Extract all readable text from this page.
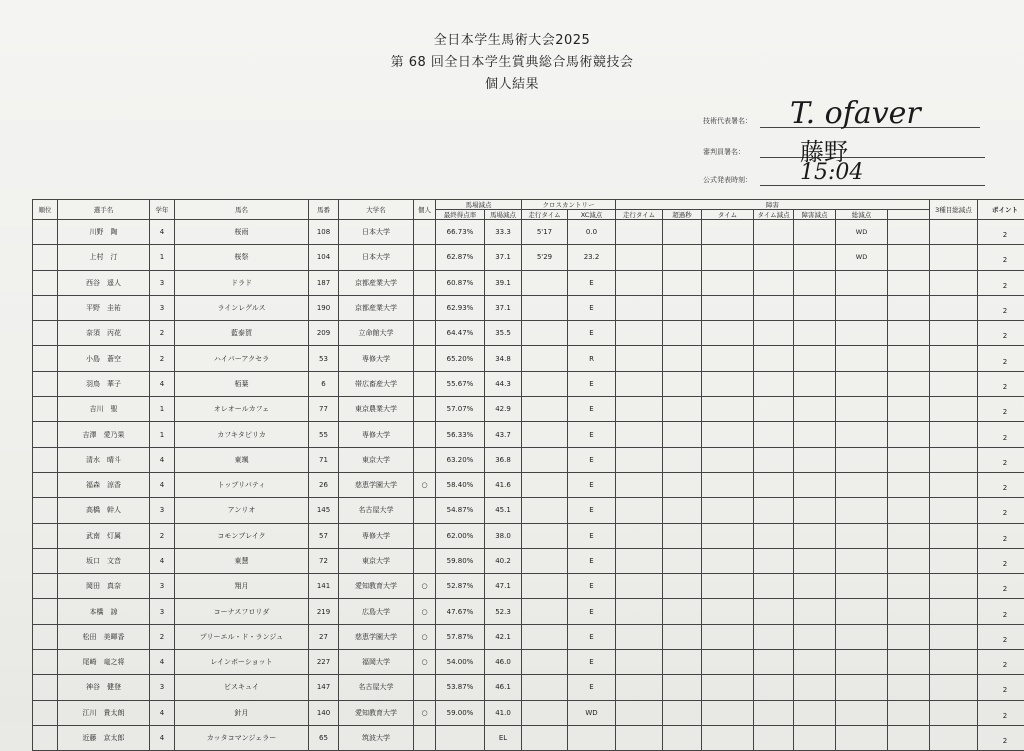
全日本学生馬術大会2025
第 68 回全日本学生賞典総合馬術競技会
個人結果
技術代表署名： T. ofaver
審判員署名： 藤野
公式発表時刻： 15:04
順位	選手名	学年	馬名	馬番	大学名	個人	馬場減点		クロスカントリー		障害							3種目総減点	ポイント
							最終得点率	馬場減点	走行タイム	XC減点	走行タイム	超過秒	タイム	タイム減点	障害減点	総減点			
	川野　陶	4	桜雨	108	日本大学		66.73%	33.3	5'17	0.0						WD			2
	上村　汀	1	桜祭	104	日本大学		62.87%	37.1	5'29	23.2						WD			2
	西谷　遥人	3	ドラド	187	京都産業大学		60.87%	39.1		E									2
	平野　圭祐	3	ラインレグルス	190	京都産業大学		62.93%	37.1		E									2
	奈須　丙花	2	藍泰賀	209	立命館大学		64.47%	35.5		E									2
	小島　蒼空	2	ハイパーアクセラ	53	専修大学		65.20%	34.8		R									2
	羽鳥　華子	4	栢葉	6	帯広畜産大学		55.67%	44.3		E									2
	吉川　聖	1	オレオールカフェ	77	東京農業大学		57.07%	42.9		E									2
	吉澤　愛乃果	1	カフキタピリカ	55	専修大学		56.33%	43.7		E									2
	清水　晴斗	4	東颯	71	東京大学		63.20%	36.8		E									2
	福森　涼香	4	トップリバティ	26	慈恵学園大学	○	58.40%	41.6		E									2
	高橋　幹人	3	アンリオ	145	名古屋大学		54.87%	45.1		E									2
	武南　灯属	2	コモンブレイク	57	専修大学		62.00%	38.0		E									2
	坂口　文音	4	東慧	72	東京大学		59.80%	40.2		E									2
	岡田　真奈	3	翔月	141	愛知教育大学	○	52.87%	47.1		E									2
	本橋　諒	3	コーナスフロリダ	219	広島大学	○	47.67%	52.3		E									2
	松田　美暉香	2	プリーエル・ド・ランジュ	27	慈恵学園大学	○	57.87%	42.1		E									2
	尾崎　竜之将	4	レインボーショット	227	福岡大学	○	54.00%	46.0		E									2
	神谷　健登	3	ビスキュイ	147	名古屋大学		53.87%	46.1		E									2
	江川　貴太朗	4	針月	140	愛知教育大学	○	59.00%	41.0		WD									2
	近藤　京太郎	4	カッタコマンジェラー	65	筑波大学			EL											2
